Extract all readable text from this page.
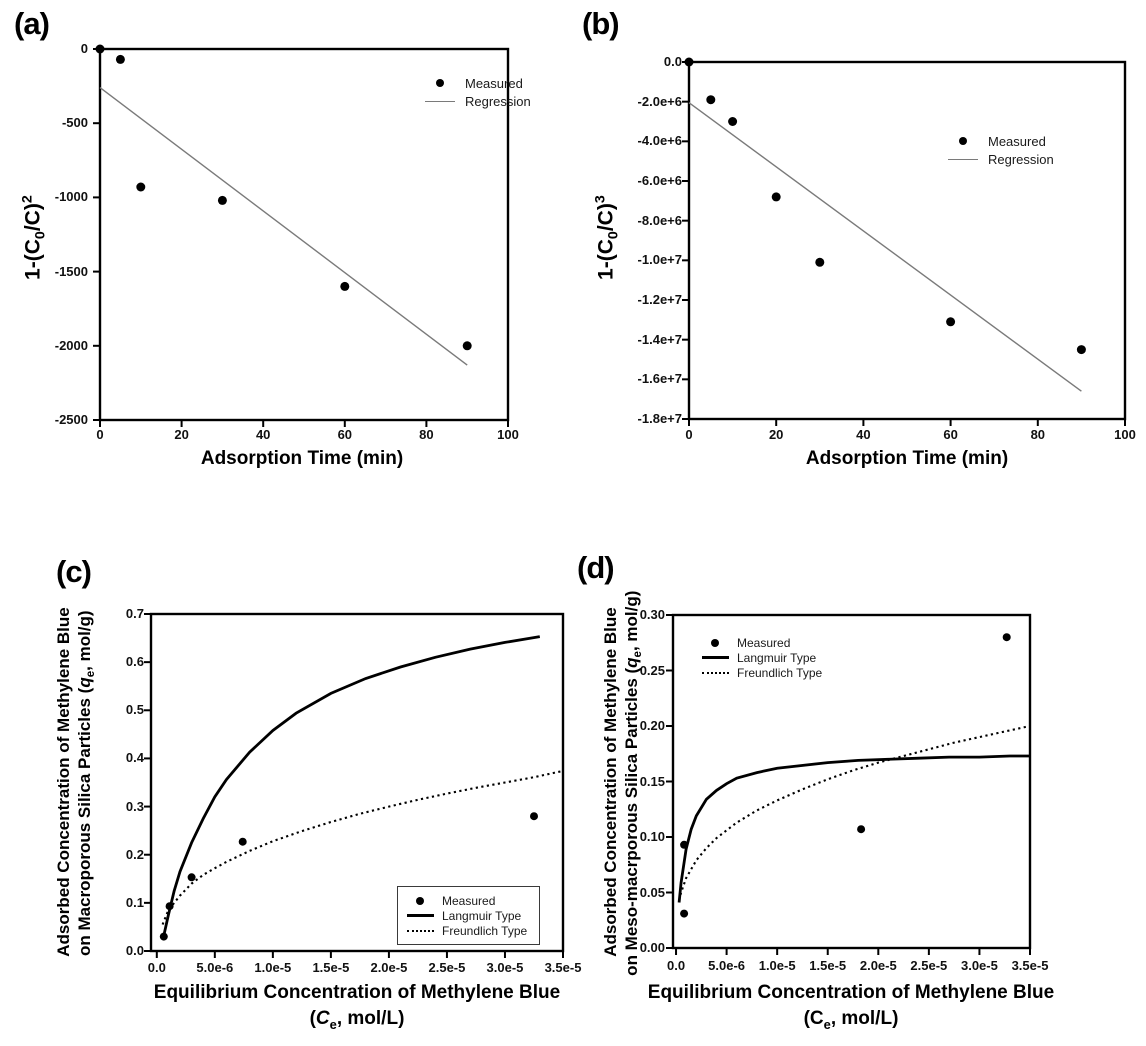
0	20	40	60	80	100
0
-500
-1000
-1500
-2000
-2500
0	20	40	60	80	100
0.0
-2.0e+6
-4.0e+6
-6.0e+6
-8.0e+6
-1.0e+7
-1.2e+7
-1.4e+7
-1.6e+7
-1.8e+7
0.0 5.0e-6 1.0e-5 1.5e-5 2.0e-5 2.5e-5 3.0e-5 3.5e-5
0.0
0.1
0.2
0.3
0.4
0.5
0.6
0.7
0.0 5.0e-6 1.0e-5 1.5e-5 2.0e-5 2.5e-5 3.0e-5 3.5e-5
0.00
0.05
0.10
0.15
0.20
0.25
0.30
(a)	(b)
(c)	(d)
$1-(C_0/C)^2$
$1-(C_0/C)^3$
Adsorption Time (min)	Adsorption Time (min)
Adsorbed Concentration of Methylene Blue on Macroporous Silica Particles ($q_e$, mol/g)	Adsorbed Concentration of Methylene Blue on Meso-macrporous Silica Particles ($q_e$, mol/g)
Equilibrium Concentration of Methylene Blue
($C_e$, mol/L)
Equilibrium Concentration of Methylene Blue
($C_e$, mol/L)
Measured
Regression
Measured
Regression
Measured
Langmuir Type
Freundlich Type
Measured
Langmuir Type
Freundlich Type
